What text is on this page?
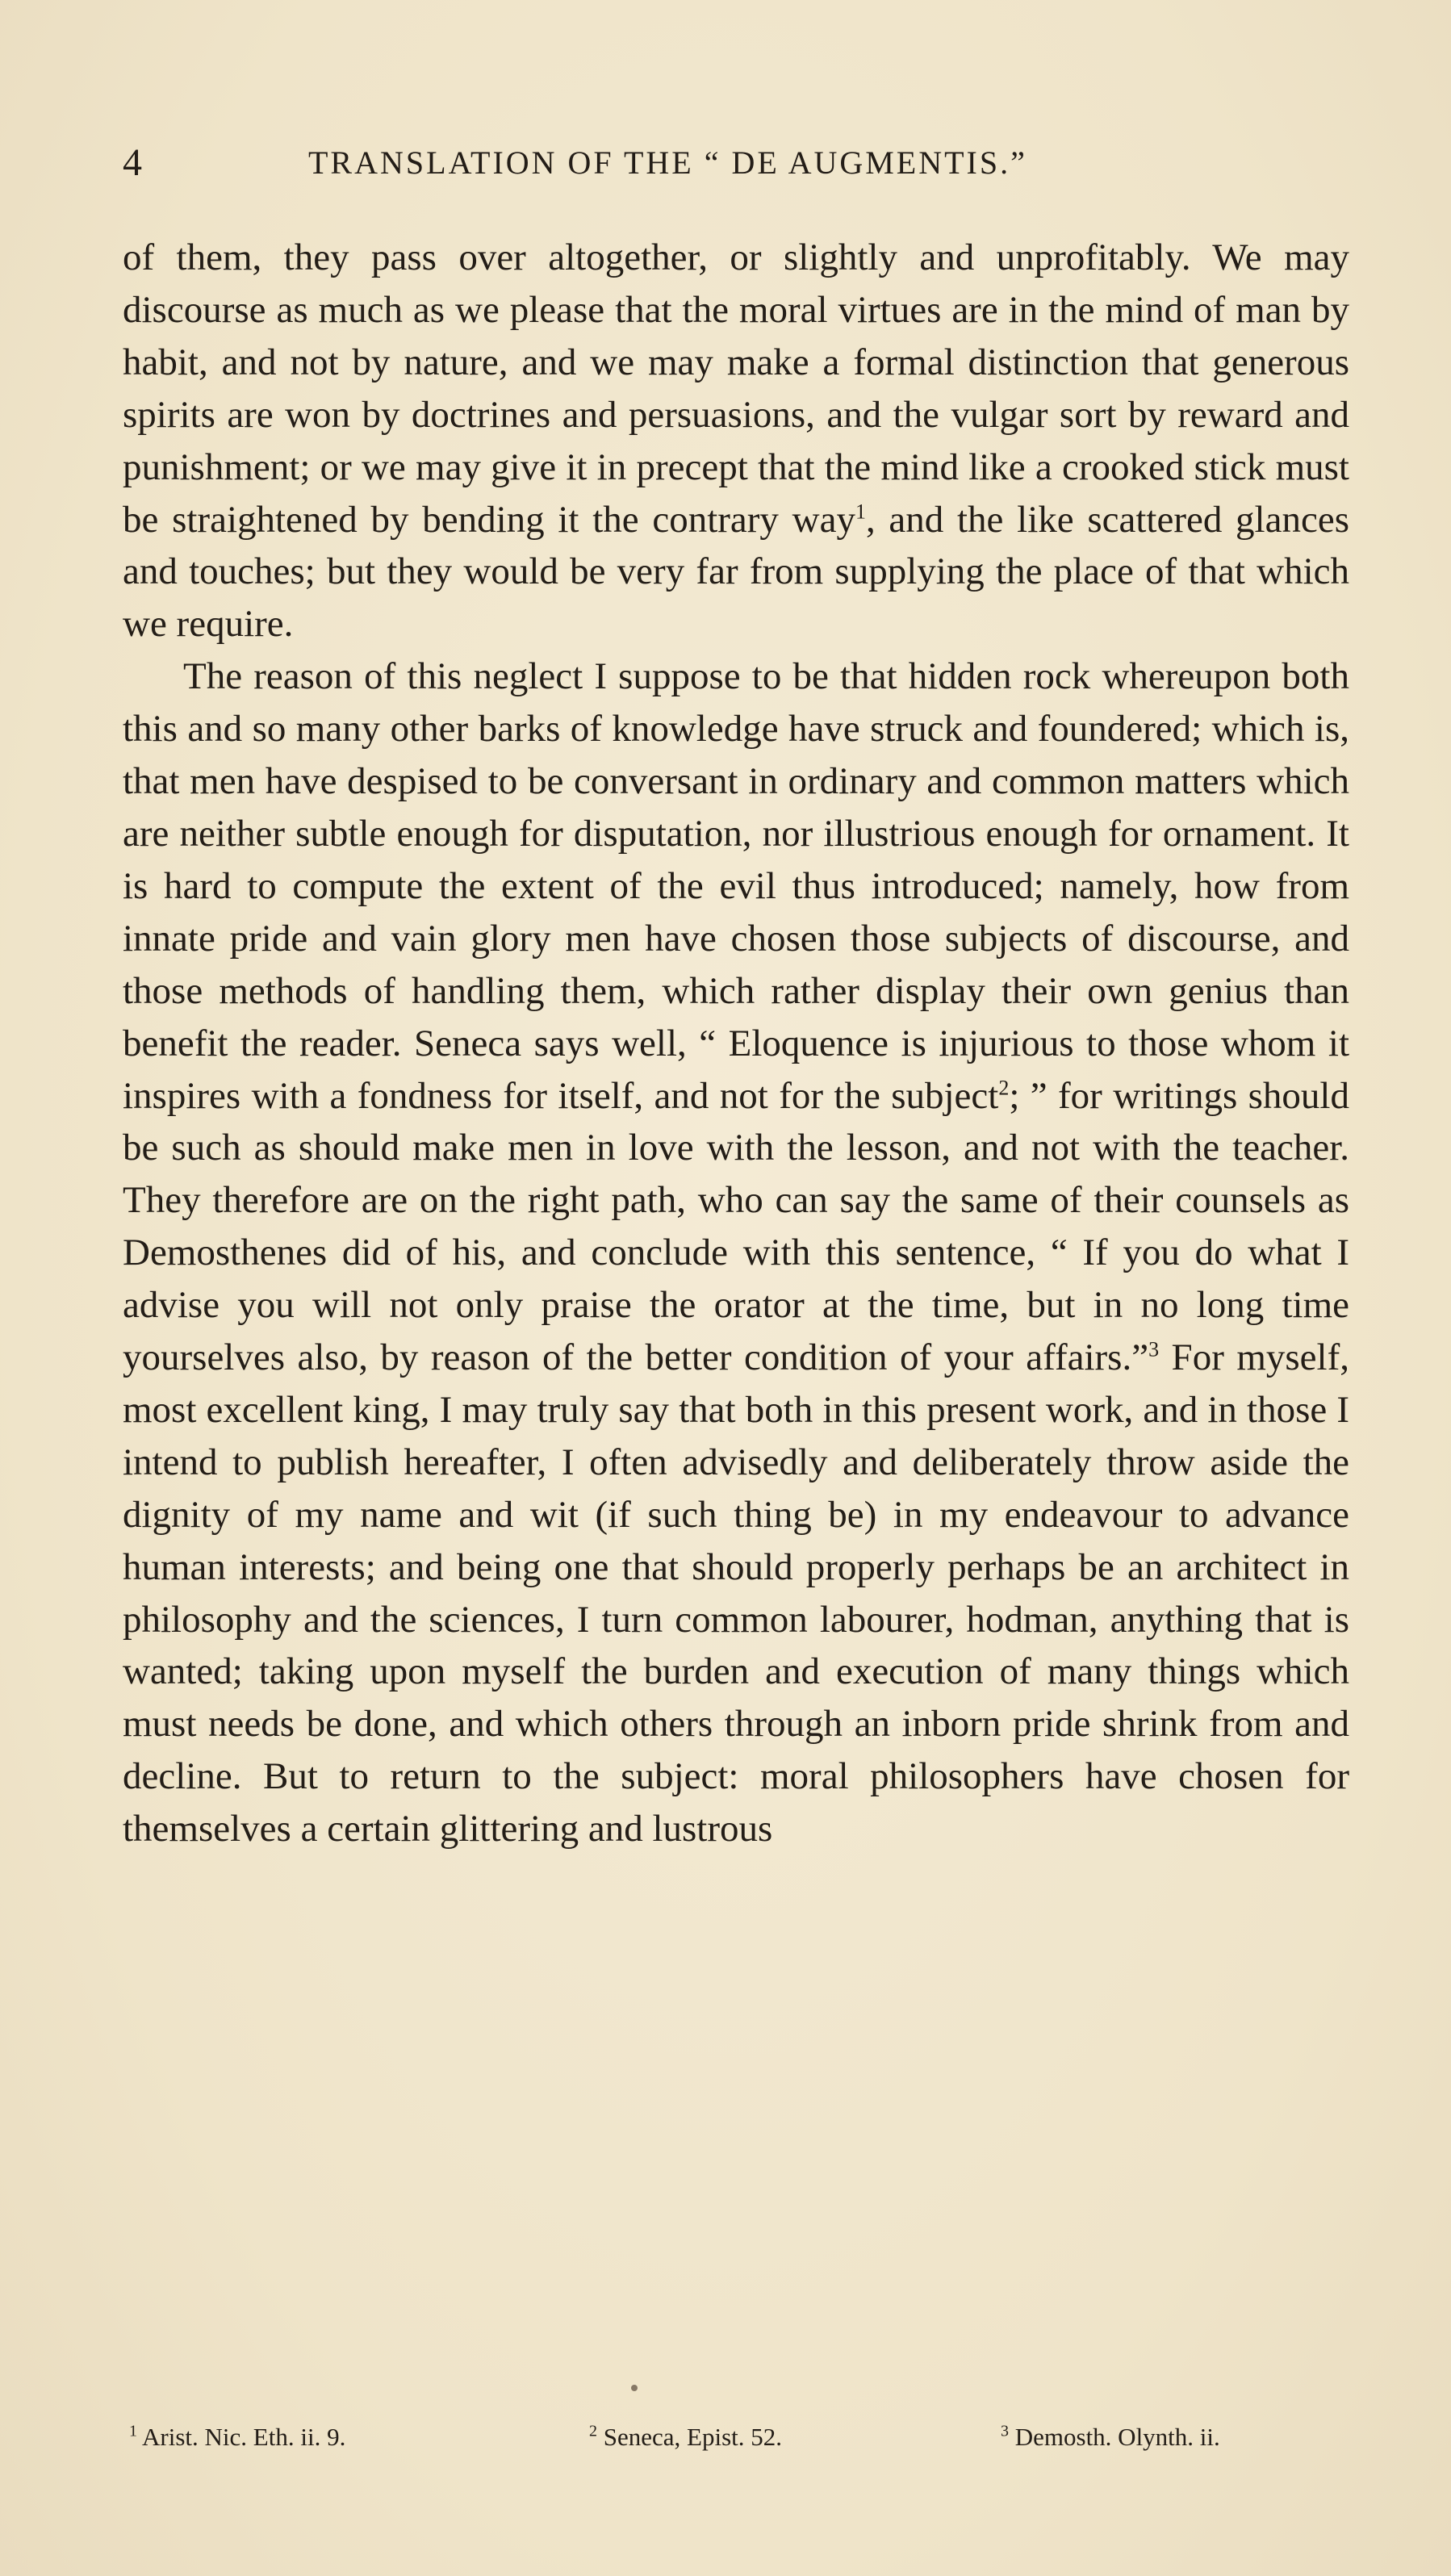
4	TRANSLATION OF THE “ DE AUGMENTIS.”

of them, they pass over altogether, or slightly and unprofitably. We may discourse as much as we please that the moral virtues are in the mind of man by habit, and not by nature, and we may make a formal distinction that generous spirits are won by doctrines and persuasions, and the vulgar sort by reward and punishment; or we may give it in precept that the mind like a crooked stick must be straightened by bending it the contrary way$^1$, and the like scattered glances and touches; but they would be very far from supplying the place of that which we require.

The reason of this neglect I suppose to be that hidden rock whereupon both this and so many other barks of knowledge have struck and foundered; which is, that men have despised to be conversant in ordinary and common matters which are neither subtle enough for disputation, nor illustrious enough for ornament. It is hard to compute the extent of the evil thus introduced; namely, how from innate pride and vain glory men have chosen those subjects of discourse, and those methods of handling them, which rather display their own genius than benefit the reader. Seneca says well, “ Eloquence is injurious to those whom it inspires with a fondness for itself, and not for the subject$^2$; ” for writings should be such as should make men in love with the lesson, and not with the teacher. They therefore are on the right path, who can say the same of their counsels as Demosthenes did of his, and conclude with this sentence, “ If you do what I advise you will not only praise the orator at the time, but in no long time yourselves also, by reason of the better condition of your affairs.”$^3$ For myself, most excellent king, I may truly say that both in this present work, and in those I intend to publish hereafter, I often advisedly and deliberately throw aside the dignity of my name and wit (if such thing be) in my endeavour to advance human interests; and being one that should properly perhaps be an architect in philosophy and the sciences, I turn common labourer, hodman, anything that is wanted; taking upon myself the burden and execution of many things which must needs be done, and which others through an inborn pride shrink from and decline. But to return to the subject: moral philosophers have chosen for themselves a certain glittering and lustrous

$^1$ Arist. Nic. Eth. ii. 9.	$^2$ Seneca, Epist. 52.	$^3$ Demosth. Olynth. ii.
